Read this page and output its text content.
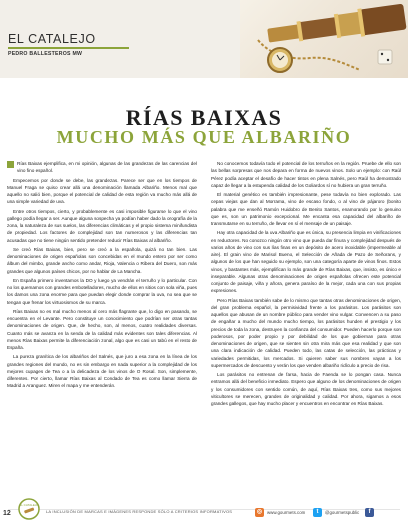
EL CATALEJO
PEDRO BALLESTEROS MW
RÍAS BAIXAS
MUCHO MÁS QUE ALBARIÑO

Rías Baixas ejemplifica, en mi opinión, algunas de las grandezas de las carencias del vino fino español.

Empecemos por donde se debe, las grandezas. Parece ser que en los tiempos de Manuel Fraga se quiso crear allá una denominación llamada Albariño. Menos mal que aquello no salió bien, porque el potencial de calidad de esta región va mucho más allá de una simple variedad de uva.

Entre otros tiempos, cierto, y probablemente es casi imposible figurarse lo que el vino gallego podía llegar a ser. Aunque alguna sospecha ya podían haber dado la orografía de la zona, la naturaleza de sus suelos, las diferencias climáticas y el propio sistema minifundista de propiedad. Los factores de complejidad son tan numerosos y las diferencias tan acusadas que no tiene ningún sentido pretender reducir Rías Baixas al albariño.

Se creó Rías Baixas, bien, pero se creó a la española, quizá no tan bien. Las denominaciones de origen españolas son concebidas en el mundo entero por ser como álbum del mimbo, grande ancho como andar, Rioja, Valencia o Ribera del Duero, son más grandes que algunos países chicos, por no hablar de La Mancha.

En España primero inventamos la DO y luego ya vendrán el terruño y lo particular. Con no los quemamos con grandes embotelladores, mucho de ellos en sitios con sola viña, pues los damos una zona enorme para que puedan elegir donde comprar la uva, no sea que se tengan que frenar los virtuosismos de su marca.

Rías Baixas no es mal mucho menos al cero más flagrante que, lo digo en pasando, se encuentra en el Levante. Pero constituye un conocimiento que podrían ser otras tantas denominaciones de origen. Que, de hecho, son, al menos, cuatro realidades diversas. Cuanto más se avanza en la senda de la calidad más evidentes son tales diferencias. Al menos Rías Baixas permite la diferenciación zonal, algo que es casi un tabú en el resto de España.

La pureza granítica de los albariños del Salnés, que juro a esa zona en la línea de los grandes regiones del mundo, no es sin embargo en nada superior a la complejidad de los mejores cupages de Tea o a la delicadeza de los vinos de O Rosal. Son, simplemente, diferentes. Por cierto, llamar Rías Baixas al Condado de Tea es como llamar Sierra de Madrid a Aranguez. Miren el mapa y me entenderán.

No conocemos todavía todo el potencial de los terruños en la región. Pruebe de ello son las bellas sorpresas que nos depara en forma de nuevos vinos. Solo un ejemplo: con Raúl Pérez podía aceptar el desafío de hacer tintos en plena Salnés, pero Raúl ha demostrado capaz de llegar a la estupenda calidad de los Goliardos sí no hubiera un gran terruño.

El material genético es también impresionante, pese todavía no bien explorado. Las cepas viejas que dan al Morrama, vino de escaso fondo, o al vino de pájaroro (bonito palabra que me enseñó Ramón Huidobro de Benito Santos, enamorando por lo genuino que es, son un patrimonio excepcional. Me encanta esa capacidad del albariño de transmutarse en su terruño, de llevar en sí el mensaje de un paisaje.

Hay otra capacidad de la uva Albariño que es única, su presencia limpia en vinificaciones en reductores. No conozco ningún otro vino que pueda dar finura y complejidad después de varios años de vino con sus lías finas en un depósito de acero inoxidable (impermeable al aire). El grain vino de Marisol Bueno, el Selección de Añada de Pazo de Señorans, y algunos de los que han seguido su ejemplo, son una categoría aparte de vinos finos. Estos vinos, y bastantes más, ejemplifican lo más grande de Rías Baixas, que, insisto, es único e inseparable. Algunas otras denominaciones de origen españolas ofrecen este potencial conjunto de paisaje, viña y añora, genera paraíso de la mejor, cada una con sus propias expresiones.

Pero Rías Baixas también sabe de lo mismo que tantas otras denominaciones de origen, del gran problema español, la permisividad frente a los parásitos. Los parásitos son aquellos que abusan de un nombre público para vender vino vulgar. Convencen a su paso de engañar a mucho del mundo mucho tiempo, los parásitos hunden el prestigio y los precios de toda la zona, destruyen la confianza del consumidor. Pueden hacerlo porque son poderosos, por poder propio y por debilidad de los que gobiernan para otras denominaciones de origen, que se sienten sin otra mira más que esa realidad y que son una clara indicación de calidad. Pueden todo, las catas de selección, las prácticas y variedades permitidas, los mercados. Si quieren saber sus nombres vayan a los supermercados de descuento y verán los que venden albariño ridículo a precio de risa.

Los parásitos no entrenan de farsa, hacia de Faenda se lo pongan casa. Nunca entramos allá del beneficio inmediato. Espero que alguno de los denominaciones de origen y los consumidores con sentido común, de aquí, Rías Baixas tres, como sus mejores viticultores se merecen, grandes de originalidad y calidad. Por ahora, sigamos a esos grandes gallegos, que hay mucho placer y encuentros en encontrar en Rías Baixas.

12
EL CATALEJO
LA INCLUSIÓN DE MARCAS E IMÁGENES RESPONDE SÓLO A CRITERIOS INFORMATIVOS	◎	www.gourmets.com	t	@gourmetspublic	f
